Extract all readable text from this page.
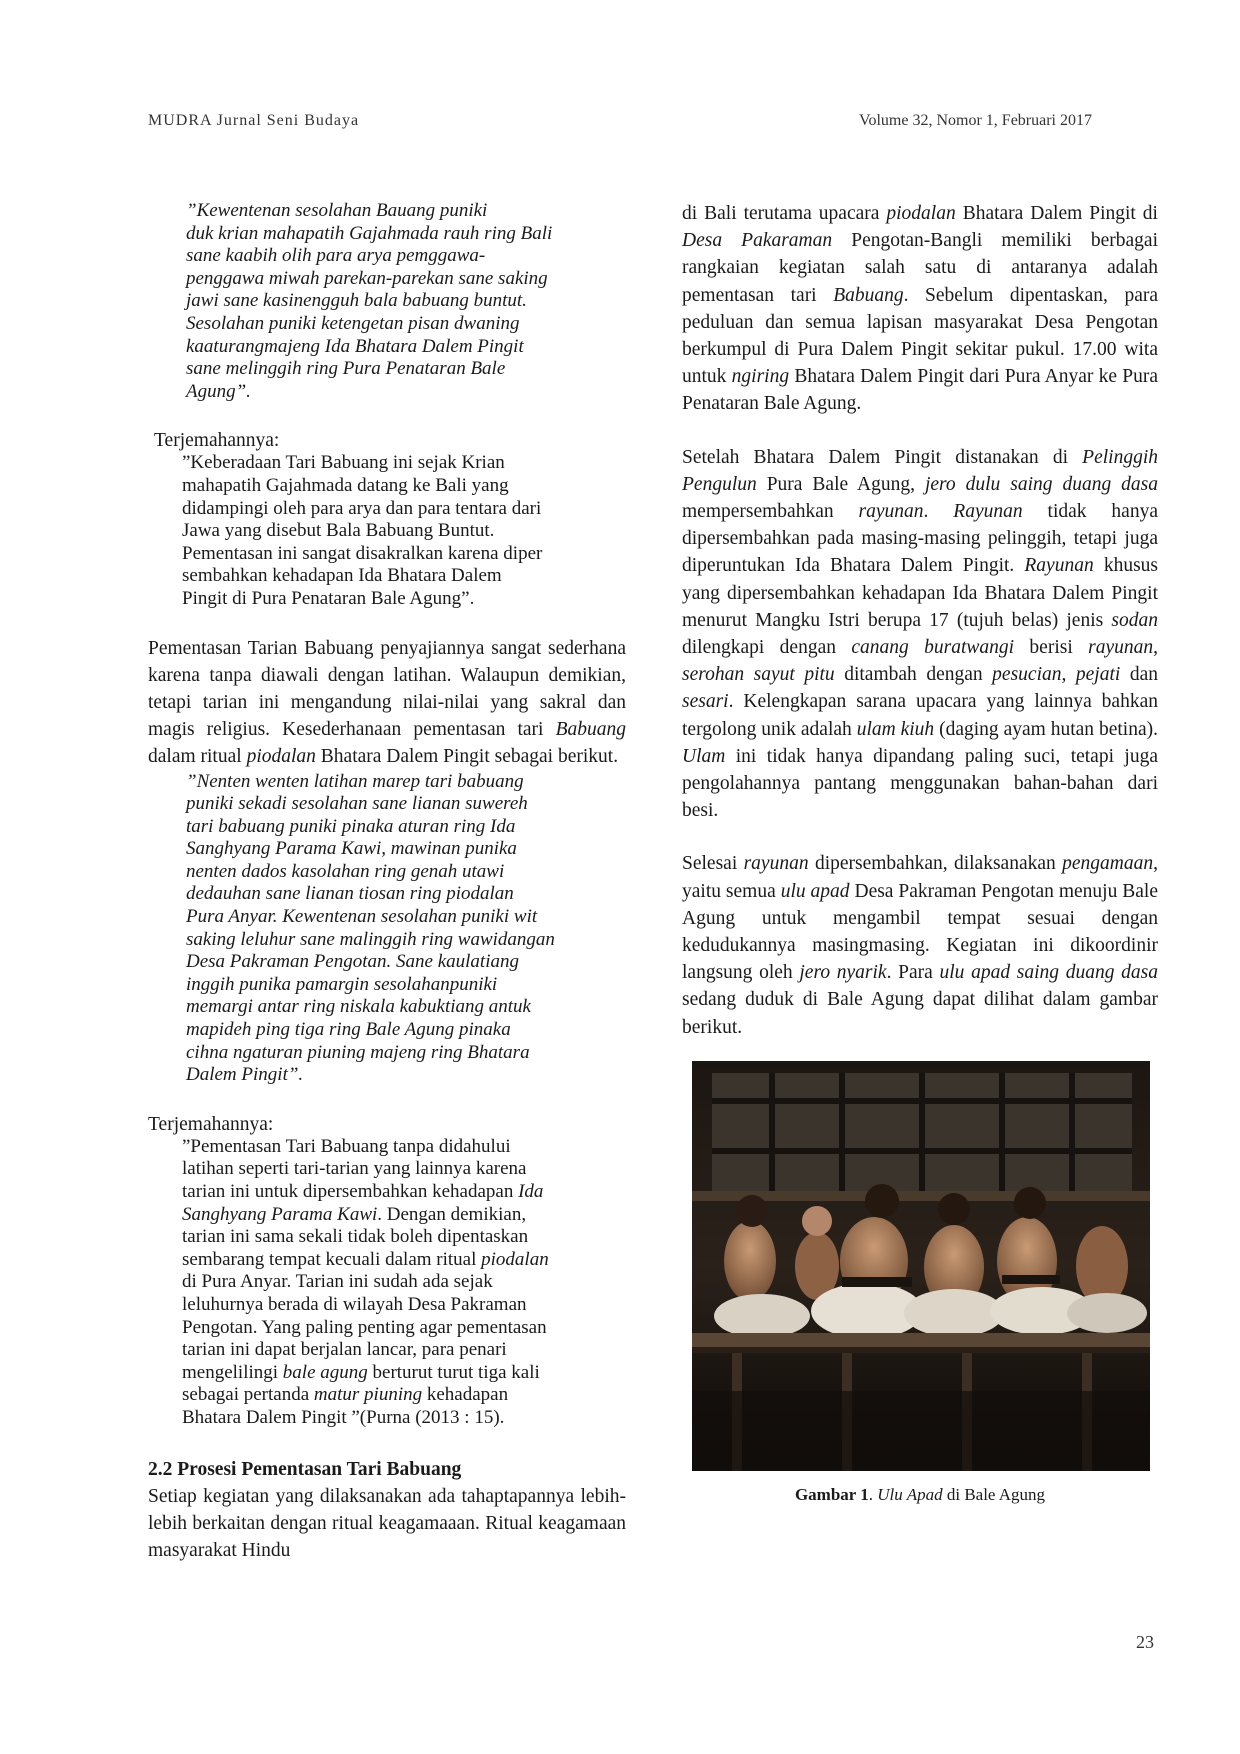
MUDRA Jurnal Seni Budaya	Volume 32, Nomor 1, Februari 2017
”Kewentenan sesolahan Bauang puniki
duk krian mahapatih Gajahmada rauh ring Bali
sane kaabih olih para arya pemggawa-
penggawa miwah parekan-parekan sane saking
jawi sane kasinengguh bala babuang buntut.
Sesolahan puniki ketengetan pisan dwaning
kaaturangmajeng Ida Bhatara Dalem Pingit
sane melinggih ring Pura Penataran Bale
Agung”.
Terjemahannya:
”Keberadaan Tari Babuang ini sejak Krian
mahapatih Gajahmada datang ke Bali yang
didampingi oleh para arya dan para tentara dari
Jawa yang disebut Bala Babuang Buntut.
Pementasan ini sangat disakralkan karena diper
sembahkan kehadapan Ida Bhatara Dalem
Pingit di Pura Penataran Bale Agung”.

Pementasan Tarian Babuang penyajiannya sangat sederhana karena tanpa diawali dengan latihan. Walaupun demikian, tetapi tarian ini mengandung nilai-nilai yang sakral dan magis religius. Kesederhanaan pementasan tari Babuang dalam ritual piodalan Bhatara Dalem Pingit sebagai berikut.

”Nenten wenten latihan marep tari babuang
puniki sekadi sesolahan sane lianan suwereh
tari babuang puniki pinaka aturan ring Ida
Sanghyang Parama Kawi, mawinan punika
nenten dados kasolahan ring genah utawi
dedauhan sane lianan tiosan ring piodalan
Pura Anyar. Kewentenan sesolahan puniki wit
saking leluhur sane malinggih ring wawidangan
Desa Pakraman Pengotan. Sane kaulatiang
inggih punika pamargin sesolahanpuniki
memargi antar ring niskala kabuktiang antuk
mapideh ping tiga ring Bale Agung pinaka
cihna ngaturan piuning majeng ring Bhatara
Dalem Pingit”.
Terjemahannya:
”Pementasan Tari Babuang tanpa didahului
latihan seperti tari-tarian yang lainnya karena
tarian ini untuk dipersembahkan kehadapan Ida
Sanghyang Parama Kawi. Dengan demikian,
tarian ini sama sekali tidak boleh dipentaskan
sembarang tempat kecuali dalam ritual piodalan
di Pura Anyar. Tarian ini sudah ada sejak
leluhurnya berada di wilayah Desa Pakraman
Pengotan. Yang paling penting agar pementasan
tarian ini dapat berjalan lancar, para penari
mengelilingi bale agung berturut turut tiga kali
sebagai pertanda matur piuning kehadapan
Bhatara Dalem Pingit ”(Purna (2013 : 15).
2.2 Prosesi Pementasan Tari Babuang

Setiap kegiatan yang dilaksanakan ada tahaptapannya lebih-lebih berkaitan dengan ritual keagamaaan. Ritual keagamaan masyarakat Hindu

di Bali terutama upacara piodalan Bhatara Dalem Pingit di Desa Pakaraman Pengotan-Bangli memiliki berbagai rangkaian kegiatan salah satu di antaranya adalah pementasan tari Babuang. Sebelum dipentaskan, para peduluan dan semua lapisan masyarakat Desa Pengotan berkumpul di Pura Dalem Pingit sekitar pukul. 17.00 wita untuk ngiring Bhatara Dalem Pingit dari Pura Anyar ke Pura Penataran Bale Agung.

Setelah Bhatara Dalem Pingit distanakan di Pelinggih Pengulun Pura Bale Agung, jero dulu saing duang dasa mempersembahkan rayunan. Rayunan tidak hanya dipersembahkan pada masing-masing pelinggih, tetapi juga diperuntukan Ida Bhatara Dalem Pingit. Rayunan khusus yang dipersembahkan kehadapan Ida Bhatara Dalem Pingit menurut Mangku Istri berupa 17 (tujuh belas) jenis sodan dilengkapi dengan canang buratwangi berisi rayunan, serohan sayut pitu ditambah dengan pesucian, pejati dan sesari. Kelengkapan sarana upacara yang lainnya bahkan tergolong unik adalah ulam kiuh (daging ayam hutan betina). Ulam ini tidak hanya dipandang paling suci, tetapi juga pengolahannya pantang menggunakan bahan-bahan dari besi.

Selesai rayunan dipersembahkan, dilaksanakan pengamaan, yaitu semua ulu apad Desa Pakraman Pengotan menuju Bale Agung untuk mengambil tempat sesuai dengan kedudukannya masingmasing. Kegiatan ini dikoordinir langsung oleh jero nyarik. Para ulu apad saing duang dasa sedang duduk di Bale Agung dapat dilihat dalam gambar berikut.

Gambar 1. Ulu Apad di Bale Agung
23
